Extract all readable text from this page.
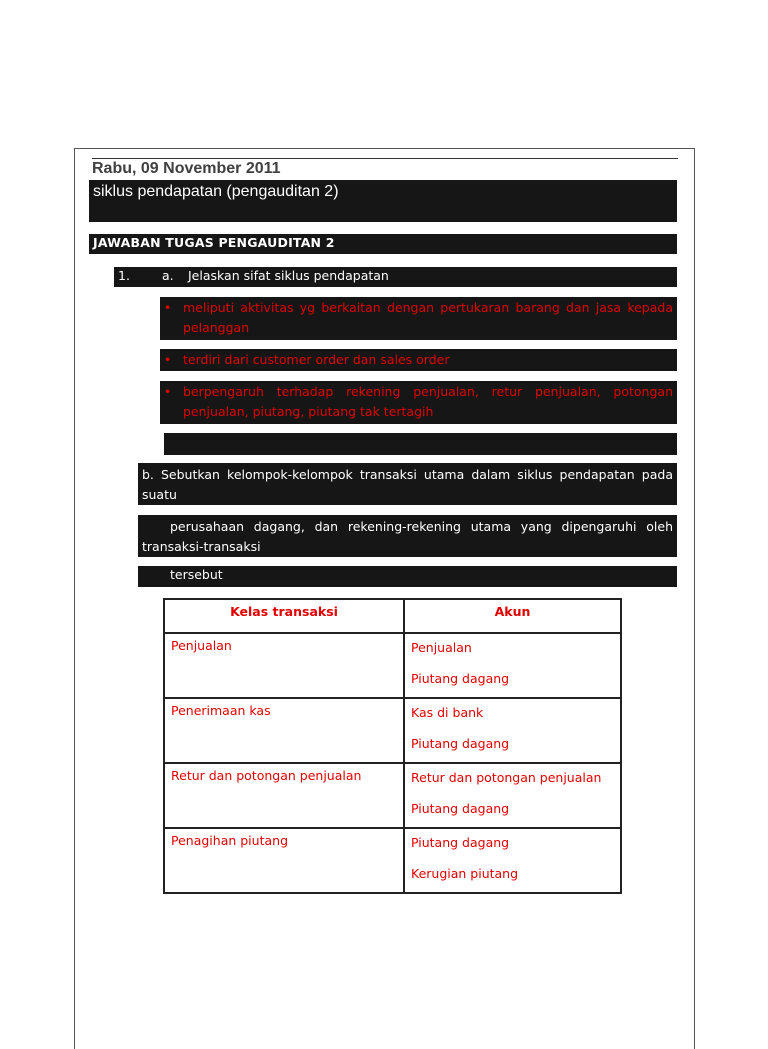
Rabu, 09 November 2011
siklus pendapatan (pengauditan 2)
JAWABAN TUGAS PENGAUDITAN 2
1.	a. Jelaskan sifat siklus pendapatan
• meliputi aktivitas yg berkaitan dengan pertukaran barang dan jasa kepada pelanggan
• terdiri dari customer order dan sales order
• berpengaruh terhadap rekening penjualan, retur penjualan, potongan penjualan, piutang, piutang tak tertagih
b. Sebutkan kelompok-kelompok transaksi utama dalam siklus pendapatan pada suatu
perusahaan dagang, dan rekening-rekening utama yang dipengaruhi oleh transaksi-transaksi
tersebut
Kelas transaksi	Akun
Penjualan	Penjualan

Piutang dagang

Penerimaan kas	Kas di bank

Piutang dagang

Retur dan potongan penjualan	Retur dan potongan penjualan

Piutang dagang

Penagihan piutang	Piutang dagang

Kerugian piutang
